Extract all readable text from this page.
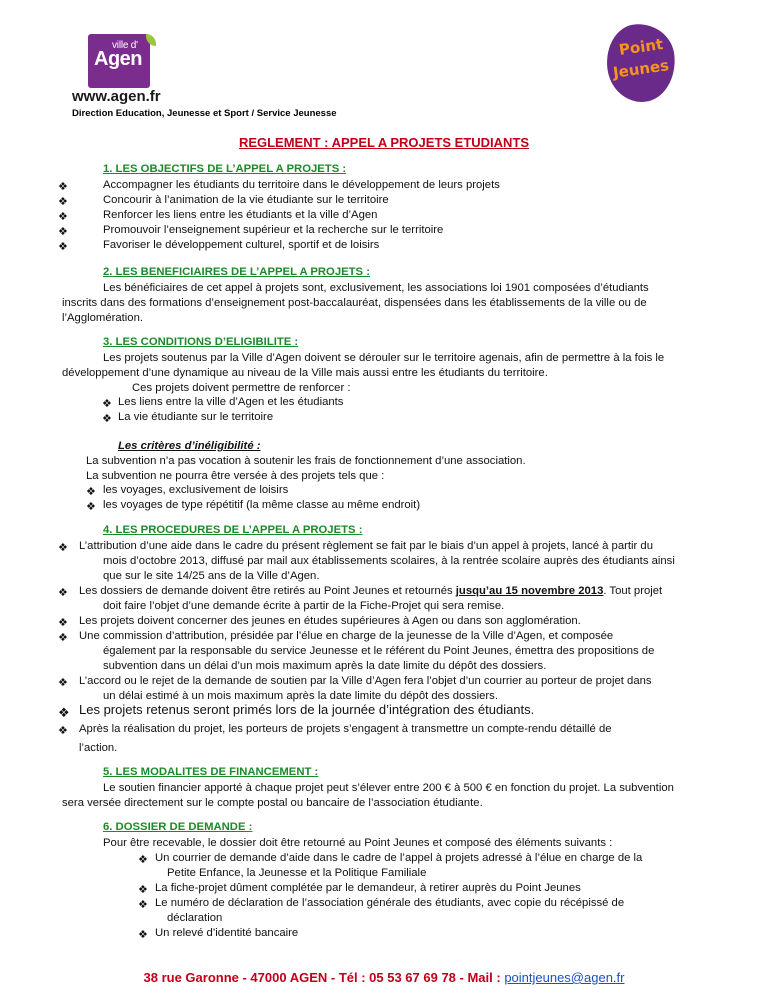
ville d'
Agen
www.agen.fr
Direction Education, Jeunesse et Sport / Service Jeunesse
Point
Jeunes
REGLEMENT : APPEL A PROJETS ETUDIANTS
1. LES OBJECTIFS DE L’APPEL A PROJETS :
❖	Accompagner les étudiants du territoire dans le développement de leurs projets
❖	Concourir à l’animation de la vie étudiante sur le territoire
❖	Renforcer les liens entre les étudiants et la ville d’Agen
❖	Promouvoir l’enseignement supérieur et la recherche sur le territoire
❖	Favoriser le développement culturel, sportif et de loisirs
2. LES BENEFICIAIRES DE L’APPEL A PROJETS :
Les bénéficiaires de cet appel à projets sont, exclusivement, les associations loi 1901 composées d’étudiants
inscrits dans des formations d’enseignement post-baccalauréat, dispensées dans les établissements de la ville ou de
l’Agglomération.
3. LES CONDITIONS D’ELIGIBILITE :
Les projets soutenus par la Ville d’Agen doivent se dérouler sur le territoire agenais, afin de permettre à la fois le
développement d’une dynamique au niveau de la Ville mais aussi entre les étudiants du territoire.
Ces projets doivent permettre de renforcer :
❖ Les liens entre la ville d’Agen et les étudiants
❖ La vie étudiante sur le territoire
Les critères d’inéligibilité :
La subvention n’a pas vocation à soutenir les frais de fonctionnement d’une association.
La subvention ne pourra être versée à des projets tels que :
❖ les voyages, exclusivement de loisirs
❖ les voyages de type répétitif (la même classe au même endroit)
4. LES PROCEDURES DE L’APPEL A PROJETS :
❖ L’attribution d’une aide dans le cadre du présent règlement se fait par le biais d’un appel à projets, lancé à partir du
mois d’octobre 2013, diffusé par mail aux établissements scolaires, à la rentrée scolaire auprès des étudiants ainsi
que sur le site 14/25 ans de la Ville d’Agen.
❖ Les dossiers de demande doivent être retirés au Point Jeunes et retournés jusqu’au 15 novembre 2013. Tout projet
doit faire l’objet d’une demande écrite à partir de la Fiche-Projet qui sera remise.
❖ Les projets doivent concerner des jeunes en études supérieures à Agen ou dans son agglomération.
❖ Une commission d’attribution, présidée par l’élue en charge de la jeunesse de la Ville d’Agen, et composée
également par la responsable du service Jeunesse et le référent du Point Jeunes, émettra des propositions de
subvention dans un délai d’un mois maximum après la date limite du dépôt des dossiers.
❖ L’accord ou le rejet de la demande de soutien par la Ville d’Agen fera l’objet d’un courrier au porteur de projet dans
un délai estimé à un mois maximum après la date limite du dépôt des dossiers.
❖ Les projets retenus seront primés lors de la journée d’intégration des étudiants.
❖ Après la réalisation du projet, les porteurs de projets s’engagent à transmettre un compte-rendu détaillé de
l’action.
5. LES MODALITES DE FINANCEMENT :
Le soutien financier apporté à chaque projet peut s’élever entre 200 € à 500 € en fonction du projet. La subvention
sera versée directement sur le compte postal ou bancaire de l’association étudiante.
6. DOSSIER DE DEMANDE :
Pour être recevable, le dossier doit être retourné au Point Jeunes et composé des éléments suivants :
❖ Un courrier de demande d’aide dans le cadre de l’appel à projets adressé à l’élue en charge de la
Petite Enfance, la Jeunesse et la Politique Familiale
❖ La fiche-projet dûment complétée par le demandeur, à retirer auprès du Point Jeunes
❖ Le numéro de déclaration de l’association générale des étudiants, avec copie du récépissé de
déclaration
❖ Un relevé d’identité bancaire
38 rue Garonne - 47000 AGEN - Tél : 05 53 67 69 78 - Mail : pointjeunes@agen.fr
